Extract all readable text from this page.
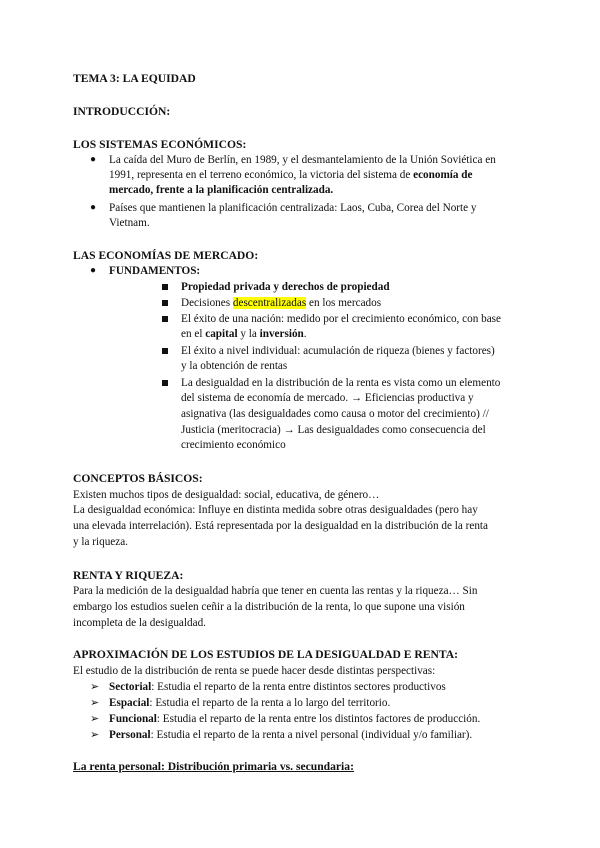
TEMA 3: LA EQUIDAD
INTRODUCCIÓN:
LOS SISTEMAS ECONÓMICOS:
● La caída del Muro de Berlín, en 1989, y el desmantelamiento de la Unión Soviética en
1991, representa en el terreno económico, la victoria del sistema de economía de
mercado, frente a la planificación centralizada.
● Países que mantienen la planificación centralizada: Laos, Cuba, Corea del Norte y
Vietnam.
LAS ECONOMÍAS DE MERCADO:
● FUNDAMENTOS:
Propiedad privada y derechos de propiedad
Decisiones descentralizadas en los mercados
El éxito de una nación: medido por el crecimiento económico, con base
en el capital y la inversión.
El éxito a nivel individual: acumulación de riqueza (bienes y factores)
y la obtención de rentas
La desigualdad en la distribución de la renta es vista como un elemento
del sistema de economía de mercado. → Eficiencias productiva y
asignativa (las desigualdades como causa o motor del crecimiento) //
Justicia (meritocracia) → Las desigualdades como consecuencia del
crecimiento económico
CONCEPTOS BÁSICOS:
Existen muchos tipos de desigualdad: social, educativa, de género…
La desigualdad económica: Influye en distinta medida sobre otras desigualdades (pero hay
una elevada interrelación). Está representada por la desigualdad en la distribución de la renta
y la riqueza.
RENTA Y RIQUEZA:
Para la medición de la desigualdad habría que tener en cuenta las rentas y la riqueza… Sin
embargo los estudios suelen ceñir a la distribución de la renta, lo que supone una visión
incompleta de la desigualdad.
APROXIMACIÓN DE LOS ESTUDIOS DE LA DESIGUALDAD E RENTA:
El estudio de la distribución de renta se puede hacer desde distintas perspectivas:
➢ Sectorial: Estudia el reparto de la renta entre distintos sectores productivos
➢ Espacial: Estudia el reparto de la renta a lo largo del territorio.
➢ Funcional: Estudia el reparto de la renta entre los distintos factores de producción.
➢ Personal: Estudia el reparto de la renta a nivel personal (individual y/o familiar).
La renta personal: Distribución primaria vs. secundaria:
